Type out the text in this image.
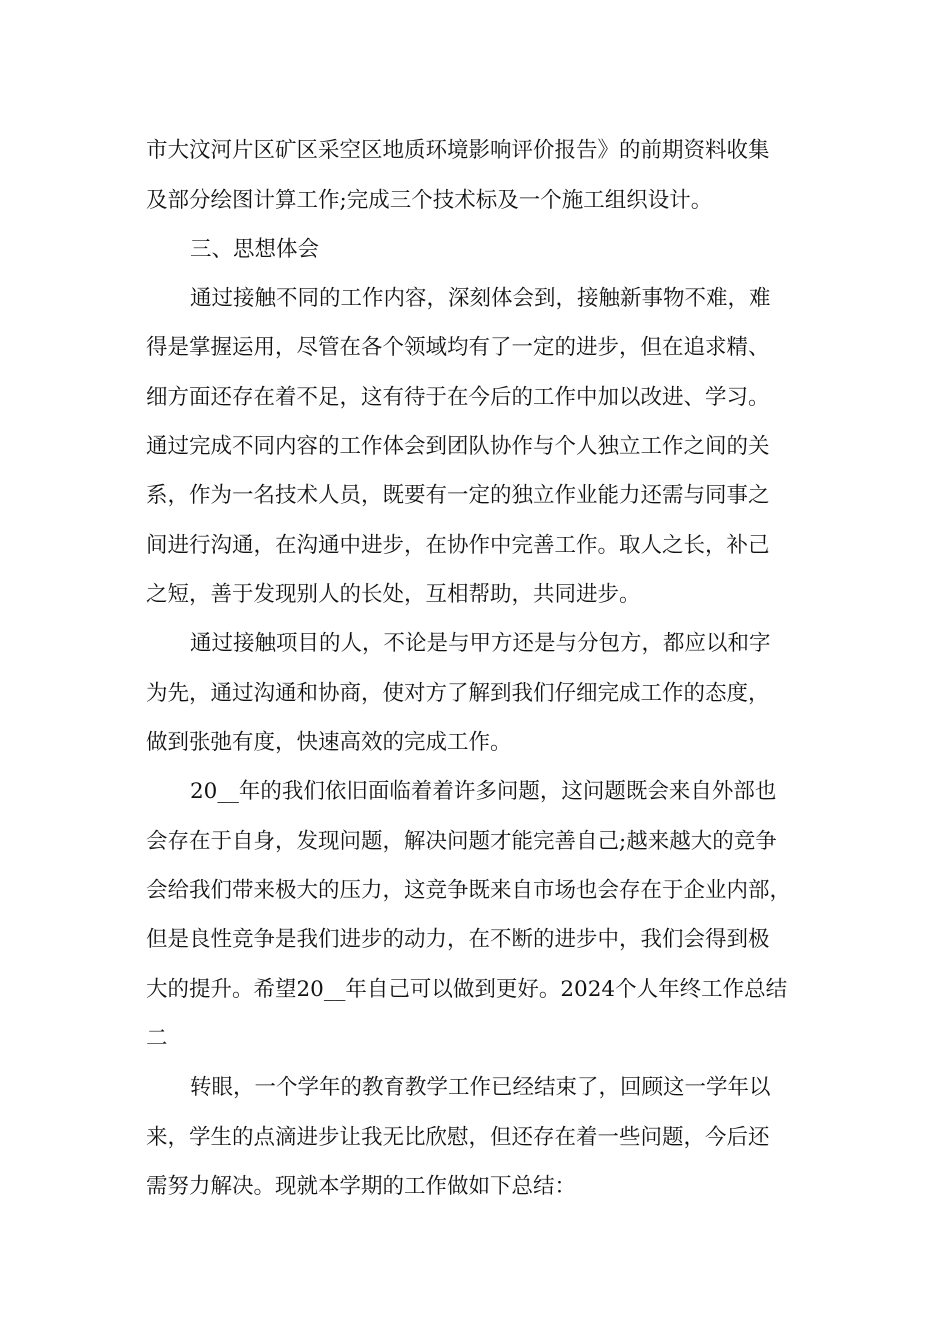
市大汶河片区矿区采空区地质环境影响评价报告》的前期资料收集
及部分绘图计算工作;完成三个技术标及一个施工组织设计。
三、思想体会
通过接触不同的工作内容，深刻体会到，接触新事物不难，难
得是掌握运用，尽管在各个领域均有了一定的进步，但在追求精、
细方面还存在着不足，这有待于在今后的工作中加以改进、学习。
通过完成不同内容的工作体会到团队协作与个人独立工作之间的关
系，作为一名技术人员，既要有一定的独立作业能力还需与同事之
间进行沟通，在沟通中进步，在协作中完善工作。取人之长，补己
之短，善于发现别人的长处，互相帮助，共同进步。
通过接触项目的人，不论是与甲方还是与分包方，都应以和字
为先，通过沟通和协商，使对方了解到我们仔细完成工作的态度，
做到张弛有度，快速高效的完成工作。
20__年的我们依旧面临着着许多问题，这问题既会来自外部也
会存在于自身，发现问题，解决问题才能完善自己;越来越大的竞争
会给我们带来极大的压力，这竞争既来自市场也会存在于企业内部，
但是良性竞争是我们进步的动力，在不断的进步中，我们会得到极
大的提升。希望20__年自己可以做到更好。2024个人年终工作总结
二
转眼，一个学年的教育教学工作已经结束了，回顾这一学年以
来，学生的点滴进步让我无比欣慰，但还存在着一些问题，今后还
需努力解决。现就本学期的工作做如下总结：
